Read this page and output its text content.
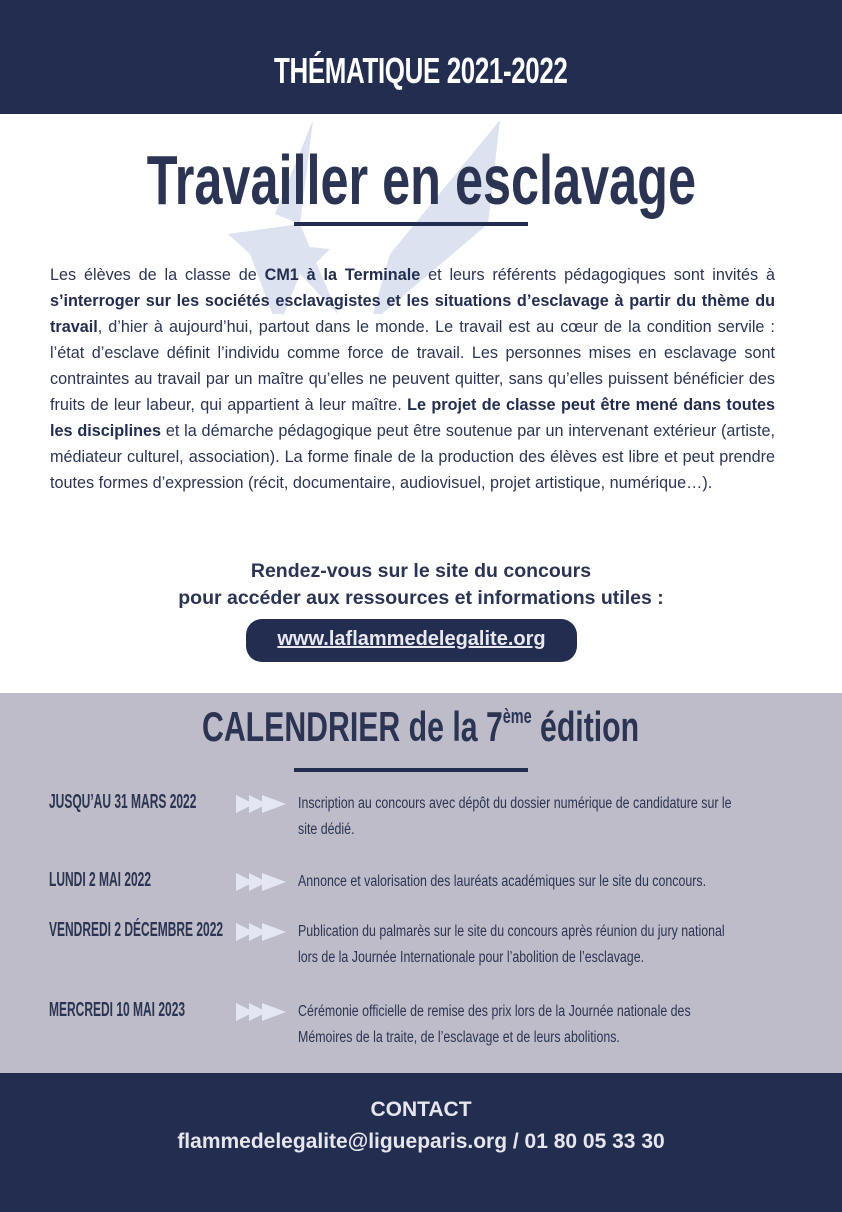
THÉMATIQUE 2021-2022
Travailler en esclavage
Les élèves de la classe de CM1 à la Terminale et leurs référents pédagogiques sont invités à s’interroger sur les sociétés esclavagistes et les situations d’esclavage à partir du thème du travail, d’hier à aujourd’hui, partout dans le monde. Le travail est au cœur de la condition servile : l’état d’esclave définit l’individu comme force de travail. Les personnes mises en esclavage sont contraintes au travail par un maître qu’elles ne peuvent quitter, sans qu’elles puissent bénéficier des fruits de leur labeur, qui appartient à leur maître. Le projet de classe peut être mené dans toutes les disciplines et la démarche pédagogique peut être soutenue par un intervenant extérieur (artiste, médiateur culturel, association). La forme finale de la production des élèves est libre et peut prendre toutes formes d’expression (récit, documentaire, audiovisuel, projet artistique, numérique…).
Rendez-vous sur le site du concours
pour accéder aux ressources et informations utiles :
www.laflammedelegalite.org
CALENDRIER de la 7ème édition
JUSQU’AU 31 MARS 2022	Inscription au concours avec dépôt du dossier numérique de candidature sur le
site dédié.
LUNDI 2 MAI 2022	Annonce et valorisation des lauréats académiques sur le site du concours.
VENDREDI 2 DÉCEMBRE 2022	Publication du palmarès sur le site du concours après réunion du jury national
lors de la Journée Internationale pour l’abolition de l’esclavage.
MERCREDI 10 MAI 2023	Cérémonie officielle de remise des prix lors de la Journée nationale des
Mémoires de la traite, de l’esclavage et de leurs abolitions.
CONTACT
flammedelegalite@ligueparis.org / 01 80 05 33 30
